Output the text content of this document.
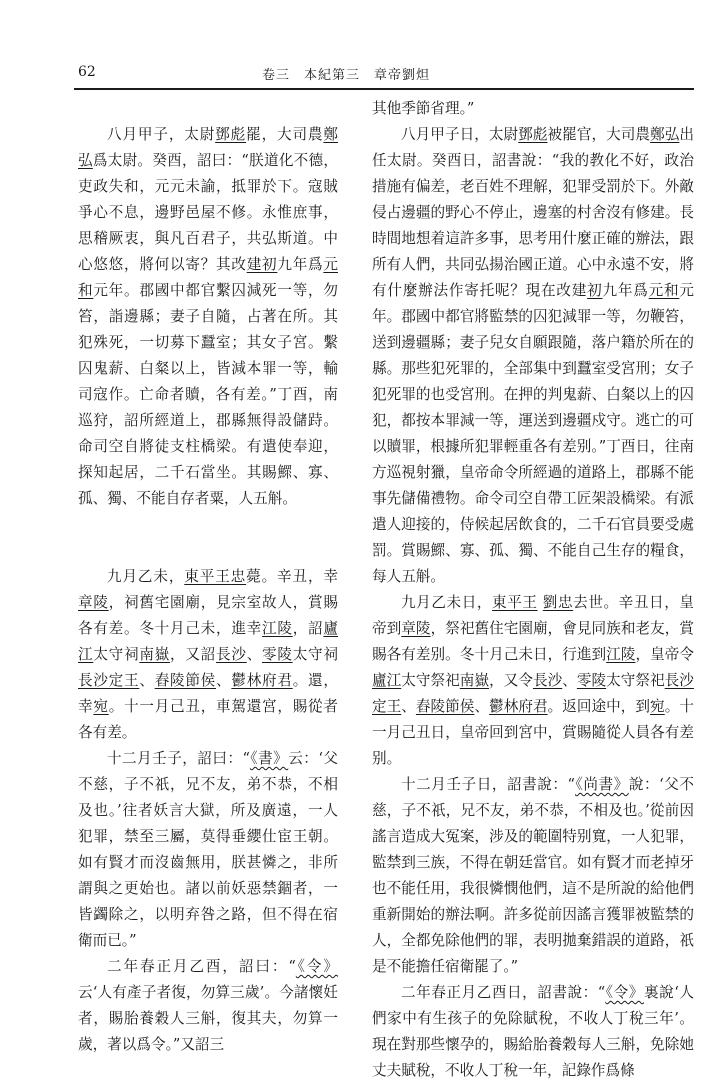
62	卷三　本紀第三　章帝劉炟

八月甲子，太尉鄧彪罷，大司農鄭弘爲太尉。癸酉，詔曰：“朕道化不德，吏政失和，元元未諭，抵罪於下。寇賊爭心不息，邊野邑屋不修。永惟庶事，思稽厥衷，與凡百君子，共弘斯道。中心悠悠，將何以寄？其改建初九年爲元和元年。郡國中都官繫囚減死一等，勿笞，詣邊縣；妻子自隨，占著在所。其犯殊死，一切募下蠶室；其女子宮。繫囚鬼薪、白粲以上，皆減本罪一等，輸司寇作。亡命者贖，各有差。”丁酉，南巡狩，詔所經道上，郡縣無得設儲跱。命司空自將徒支柱橋梁。有遣使奉迎，探知起居，二千石當坐。其賜鰥、寡、孤、獨、不能自存者粟，人五斛。

九月乙未，東平王忠薨。辛丑，幸章陵，祠舊宅園廟，見宗室故人，賞賜各有差。冬十月己未，進幸江陵，詔廬江太守祠南嶽，又詔長沙、零陵太守祠長沙定王、舂陵節侯、鬱林府君。還，幸宛。十一月己丑，車駕還宮，賜從者各有差。

十二月壬子，詔曰：“《書》云：‘父不慈，子不祇，兄不友，弟不恭，不相及也。’往者妖言大獄，所及廣遠，一人犯罪，禁至三屬，莫得垂纓仕宦王朝。如有賢才而沒齒無用，朕甚憐之，非所謂與之更始也。諸以前妖惡禁錮者，一皆蠲除之，以明弃咎之路，但不得在宿衛而已。”

二年春正月乙酉，詔曰：“《令》云‘人有產子者復，勿算三歲’。今諸懷妊者，賜胎養穀人三斛，復其夫，勿算一歲，著以爲令。”又詔三

其他季節省理。”

八月甲子日，太尉鄧彪被罷官，大司農鄭弘出任太尉。癸酉日，詔書說：“我的教化不好，政治措施有偏差，老百姓不理解，犯罪受罰於下。外敵侵占邊疆的野心不停止，邊塞的村舍沒有修建。長時間地想着這許多事，思考用什麼正確的辦法，跟所有人們，共同弘揚治國正道。心中永遠不安，將有什麼辦法作寄托呢？現在改建初九年爲元和元年。郡國中都官將監禁的囚犯減罪一等，勿鞭笞，送到邊疆縣；妻子兒女自願跟隨，落户籍於所在的縣。那些犯死罪的，全部集中到蠶室受宮刑；女子犯死罪的也受宮刑。在押的判鬼薪、白粲以上的囚犯，都按本罪減一等，運送到邊疆戍守。逃亡的可以贖罪，根據所犯罪輕重各有差别。”丁酉日，往南方巡視射獵，皇帝命令所經過的道路上，郡縣不能事先儲備禮物。命令司空自帶工匠架設橋梁。有派遣人迎接的，侍候起居飲食的，二千石官員要受處罰。賞賜鰥、寡、孤、獨、不能自己生存的糧食，每人五斛。

九月乙未日，東平王 劉忠去世。辛丑日，皇帝到章陵，祭祀舊住宅園廟，會見同族和老友，賞賜各有差别。冬十月己未日，行進到江陵，皇帝令廬江太守祭祀南嶽，又令長沙、零陵太守祭祀長沙定王、舂陵節侯、鬱林府君。返回途中，到宛。十一月己丑日，皇帝回到宮中，賞賜隨從人員各有差别。

十二月壬子日，詔書說：“《尚書》說：‘父不慈，子不祇，兄不友，弟不恭，不相及也。’從前因謠言造成大冤案，涉及的範圍特别寬，一人犯罪，監禁到三族，不得在朝廷當官。如有賢才而老掉牙也不能任用，我很憐憫他們，這不是所說的給他們重新開始的辦法啊。許多從前因謠言獲罪被監禁的人，全都免除他們的罪，表明拋棄錯誤的道路，祇是不能擔任宿衛罷了。”

二年春正月乙酉日，詔書說：“《令》裏說‘人們家中有生孩子的免除賦稅，不收人丁稅三年’。現在對那些懷孕的，賜給胎養穀每人三斛，免除她丈夫賦稅，不收人丁稅一年，記錄作爲條
